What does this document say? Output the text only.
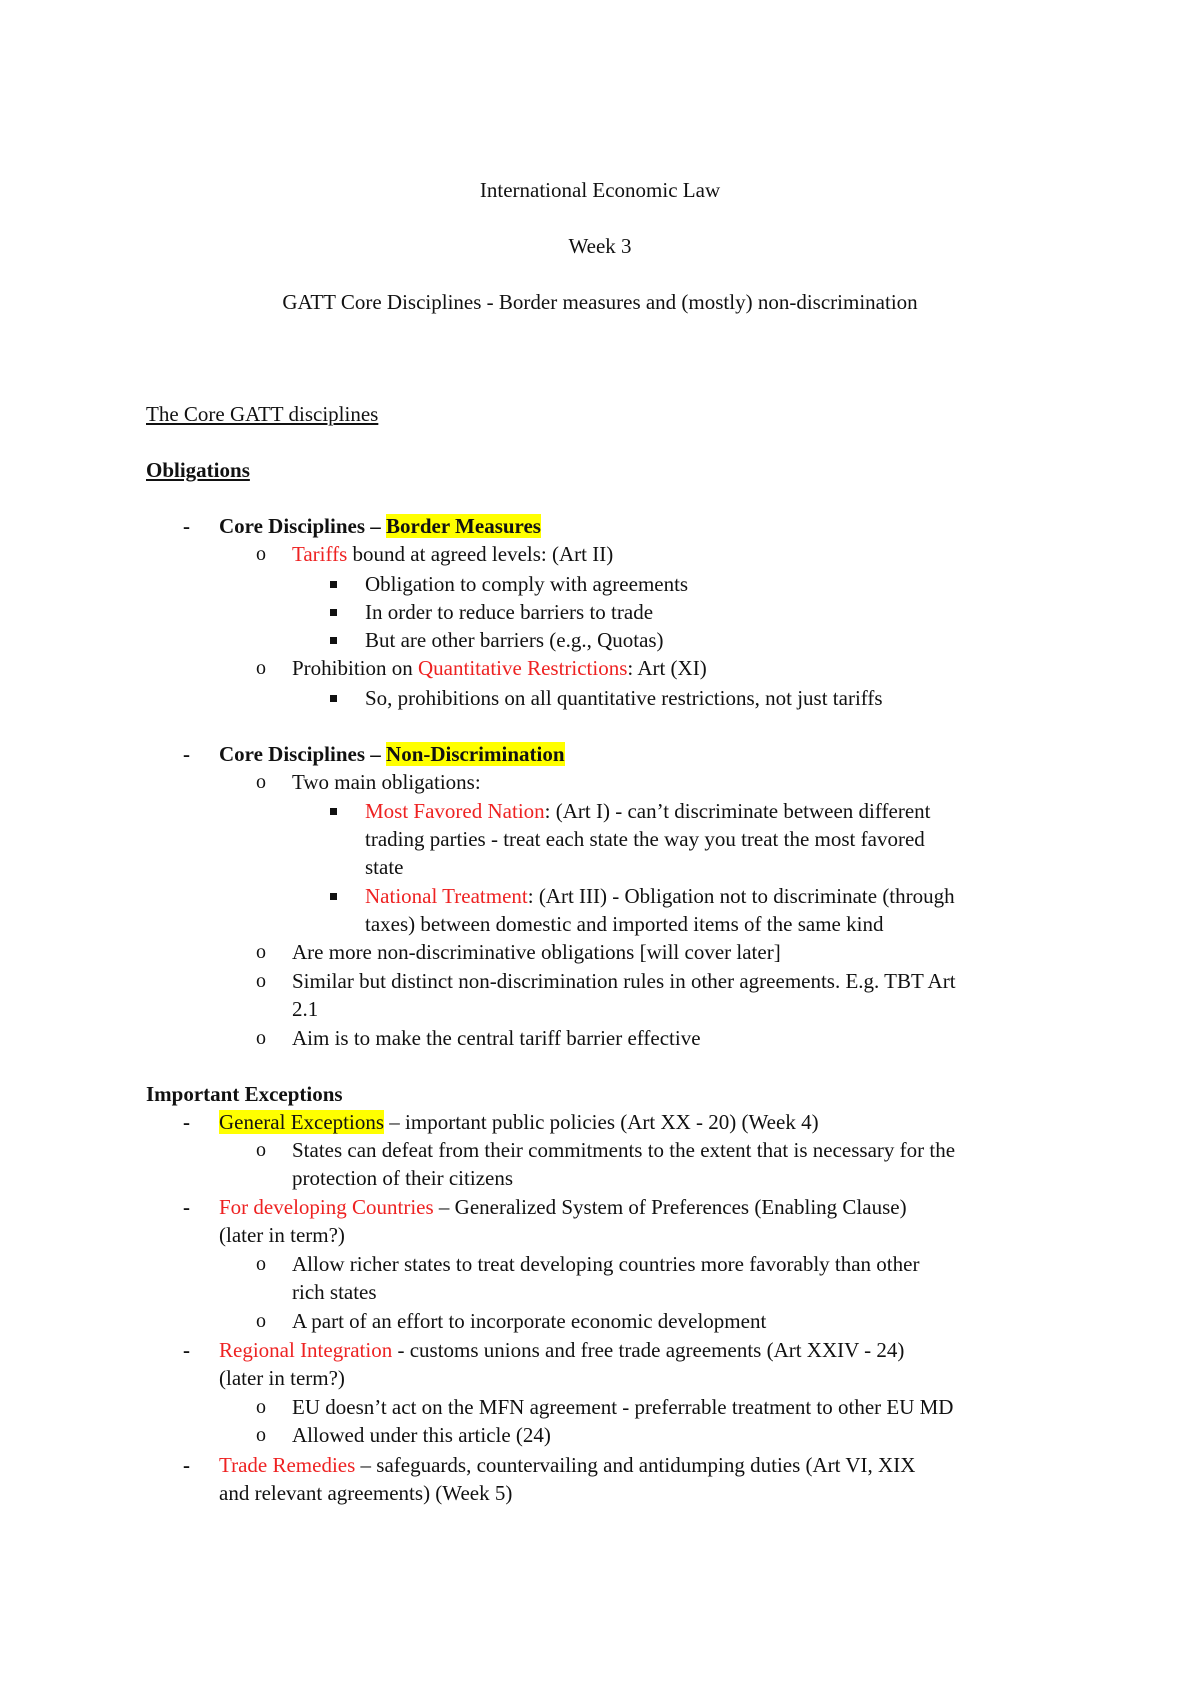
International Economic Law
Week 3
GATT Core Disciplines - Border measures and (mostly) non-discrimination
The Core GATT disciplines
Obligations
- Core Disciplines – Border Measures
o Tariffs bound at agreed levels: (Art II)
Obligation to comply with agreements
In order to reduce barriers to trade
But are other barriers (e.g., Quotas)
o Prohibition on Quantitative Restrictions: Art (XI)
So, prohibitions on all quantitative restrictions, not just tariffs
- Core Disciplines – Non-Discrimination
o Two main obligations:
Most Favored Nation: (Art I) - can’t discriminate between different
trading parties - treat each state the way you treat the most favored
state
National Treatment: (Art III) - Obligation not to discriminate (through
taxes) between domestic and imported items of the same kind
o Are more non-discriminative obligations [will cover later]
o Similar but distinct non-discrimination rules in other agreements. E.g. TBT Art
2.1
o Aim is to make the central tariff barrier effective
Important Exceptions
- General Exceptions – important public policies (Art XX - 20) (Week 4)
o States can defeat from their commitments to the extent that is necessary for the
protection of their citizens
- For developing Countries – Generalized System of Preferences (Enabling Clause)
(later in term?)
o Allow richer states to treat developing countries more favorably than other
rich states
o A part of an effort to incorporate economic development
- Regional Integration - customs unions and free trade agreements (Art XXIV - 24)
(later in term?)
o EU doesn’t act on the MFN agreement - preferrable treatment to other EU MD
o Allowed under this article (24)
- Trade Remedies – safeguards, countervailing and antidumping duties (Art VI, XIX
and relevant agreements) (Week 5)
